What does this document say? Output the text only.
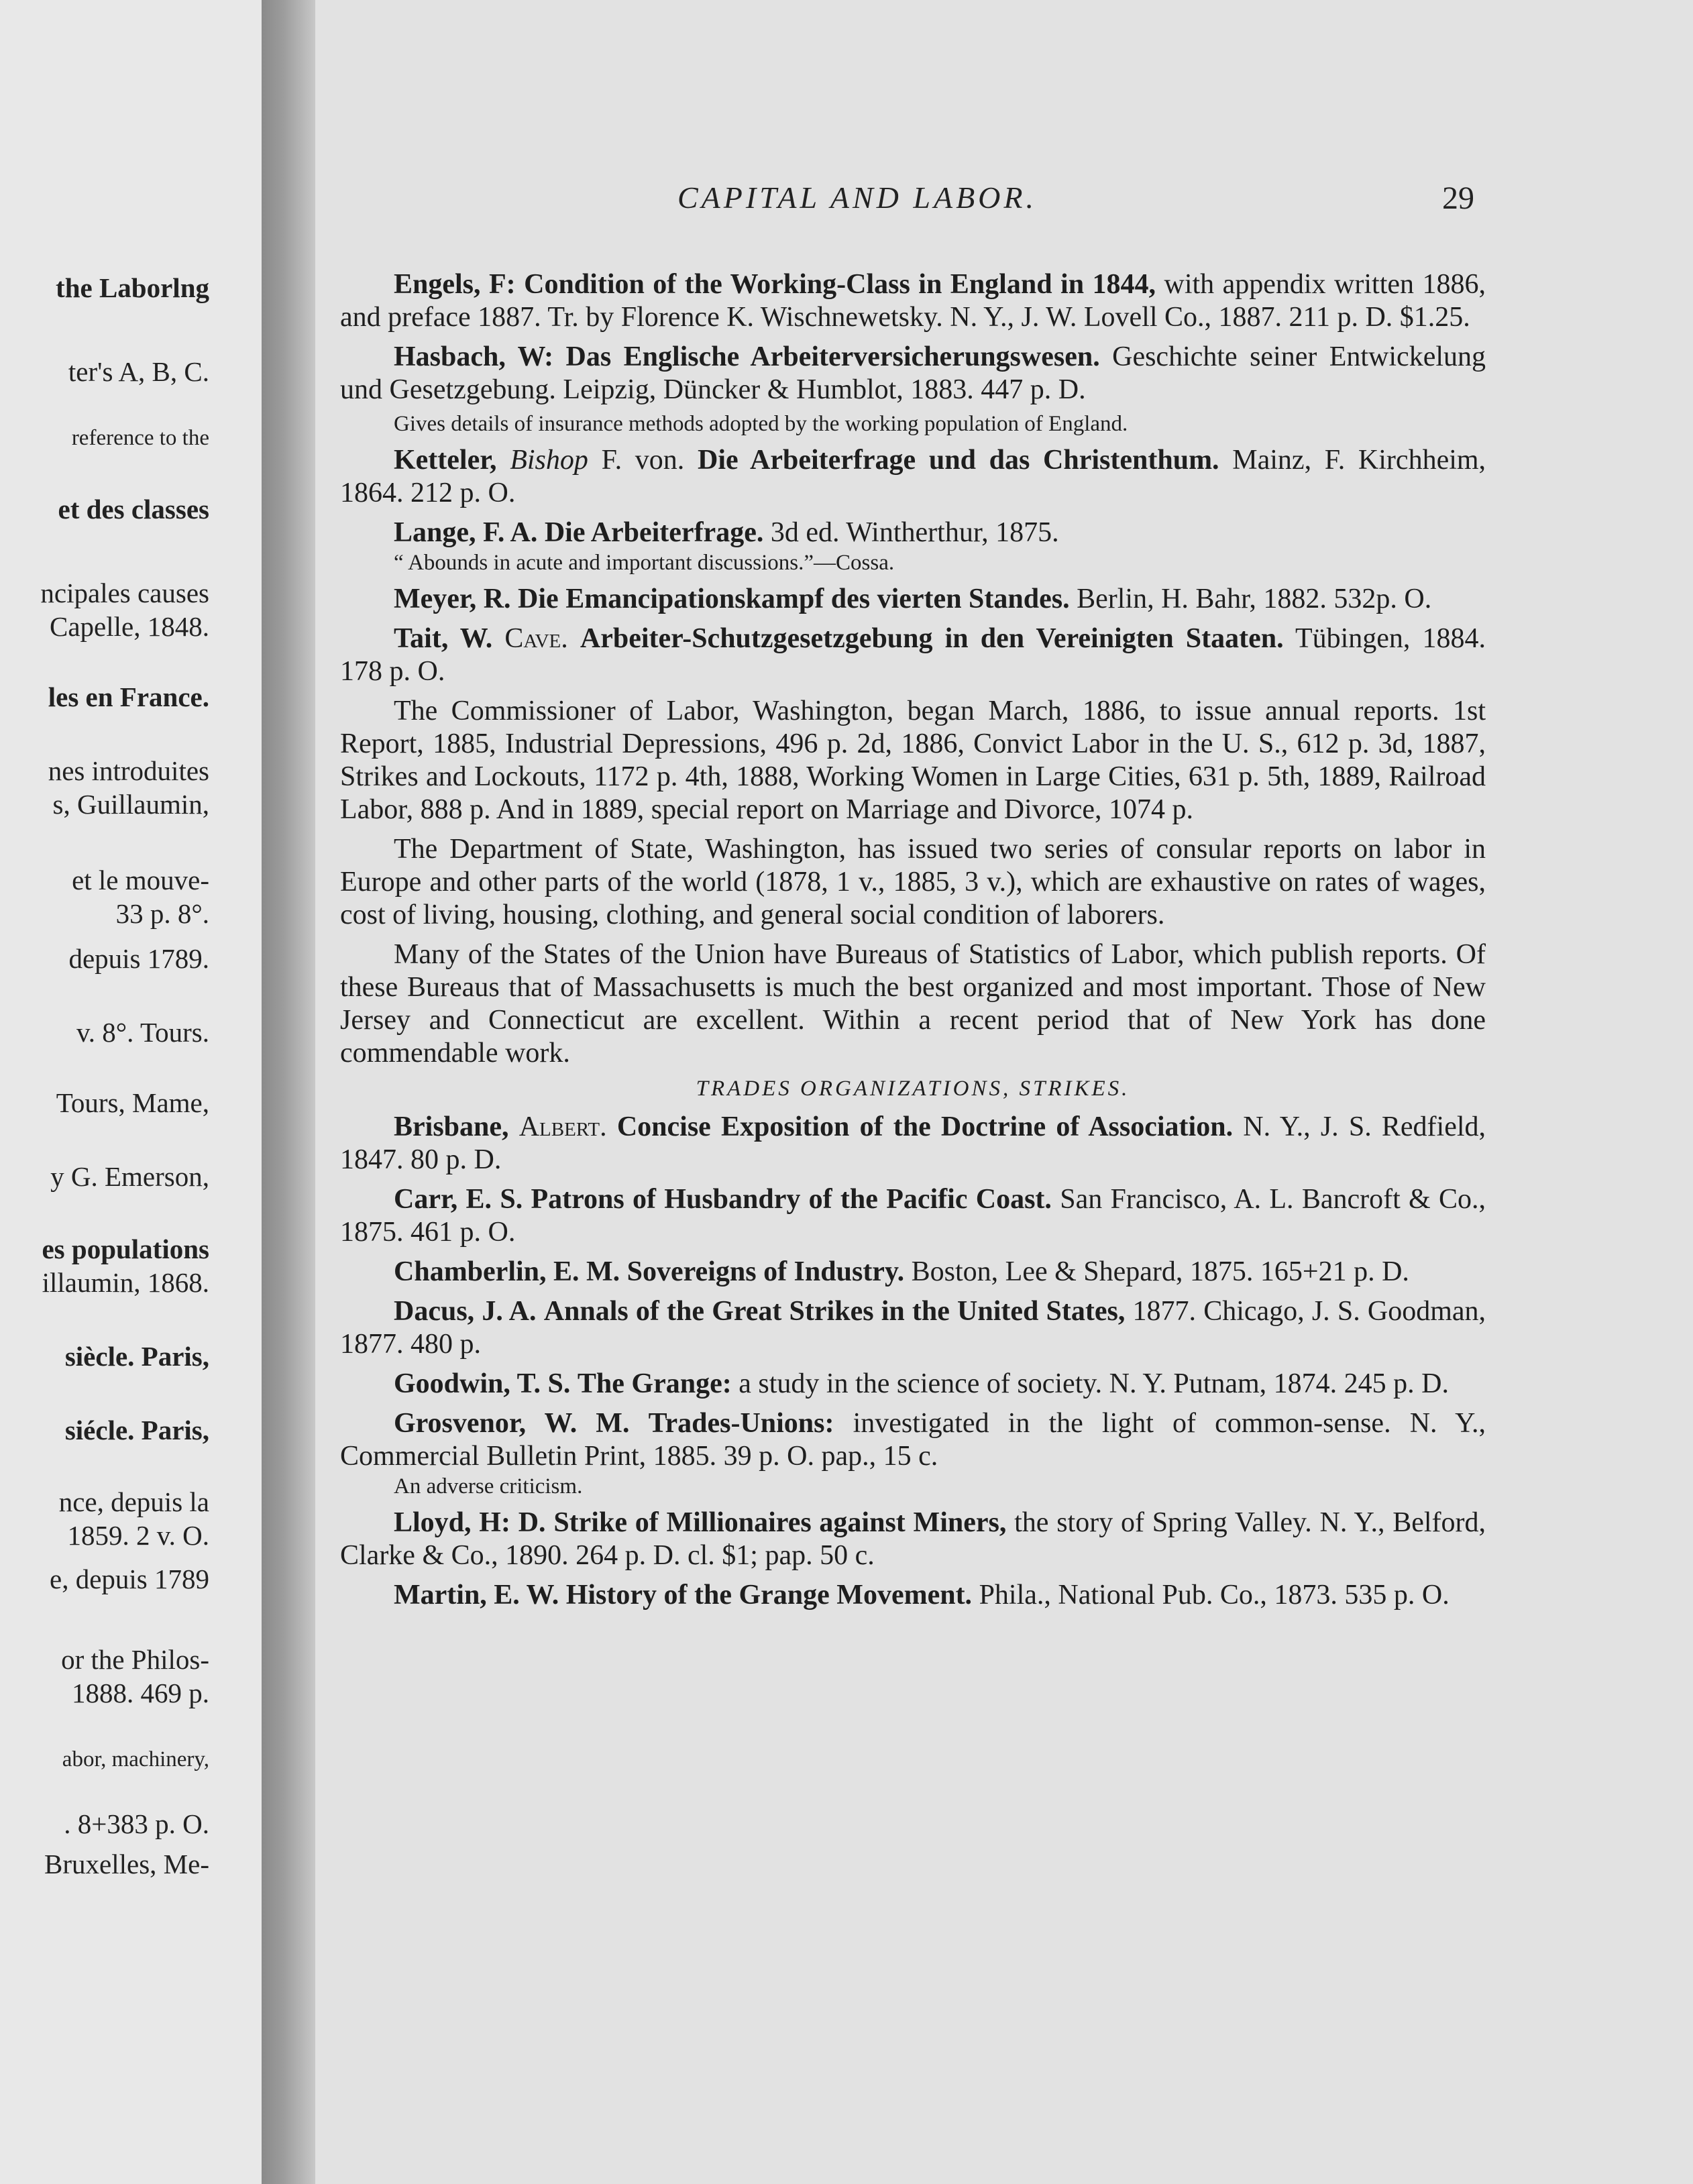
the Laborlng
ter's A, B, C.
reference to the
et des classes
ncipales causes
Capelle, 1848.
les en France.
nes introduites
s, Guillaumin,
et le mouve-
33 p. 8°.
depuis 1789.
v. 8°. Tours.
Tours, Mame,
y G. Emerson,
es populations
illaumin, 1868.
siècle. Paris,
siécle. Paris,
nce, depuis la
1859. 2 v. O.
e, depuis 1789
or the Philos-
1888. 469 p.
abor, machinery,
. 8+383 p. O.
Bruxelles, Me-
CAPITAL AND LABOR.	29

Engels, F: Condition of the Working-Class in England in 1844, with appendix written 1886, and preface 1887. Tr. by Florence K. Wischnewetsky. N. Y., J. W. Lovell Co., 1887. 211 p. D. $1.25.

Hasbach, W: Das Englische Arbeiterversicherungswesen. Geschichte seiner Entwickelung und Gesetzgebung. Leipzig, Düncker & Humblot, 1883. 447 p. D.

Gives details of insurance methods adopted by the working population of England.

Ketteler, Bishop F. von. Die Arbeiterfrage und das Christenthum. Mainz, F. Kirchheim, 1864. 212 p. O.

Lange, F. A. Die Arbeiterfrage. 3d ed. Wintherthur, 1875.

“ Abounds in acute and important discussions.”—Cossa.

Meyer, R. Die Emancipationskampf des vierten Standes. Berlin, H. Bahr, 1882. 532p. O.

Tait, W. Cave. Arbeiter-Schutzgesetzgebung in den Vereinigten Staaten. Tübingen, 1884. 178 p. O.

The Commissioner of Labor, Washington, began March, 1886, to issue annual reports. 1st Report, 1885, Industrial Depressions, 496 p. 2d, 1886, Convict Labor in the U. S., 612 p. 3d, 1887, Strikes and Lockouts, 1172 p. 4th, 1888, Working Women in Large Cities, 631 p. 5th, 1889, Railroad Labor, 888 p. And in 1889, special report on Marriage and Divorce, 1074 p.

The Department of State, Washington, has issued two series of consular reports on labor in Europe and other parts of the world (1878, 1 v., 1885, 3 v.), which are exhaustive on rates of wages, cost of living, housing, clothing, and general social condition of laborers.

Many of the States of the Union have Bureaus of Statistics of Labor, which publish reports. Of these Bureaus that of Massachusetts is much the best organized and most important. Those of New Jersey and Connecticut are excellent. Within a recent period that of New York has done commendable work.

TRADES ORGANIZATIONS, STRIKES.

Brisbane, Albert. Concise Exposition of the Doctrine of Association. N. Y., J. S. Redfield, 1847. 80 p. D.

Carr, E. S. Patrons of Husbandry of the Pacific Coast. San Francisco, A. L. Bancroft & Co., 1875. 461 p. O.

Chamberlin, E. M. Sovereigns of Industry. Boston, Lee & Shepard, 1875. 165+21 p. D.

Dacus, J. A. Annals of the Great Strikes in the United States, 1877. Chicago, J. S. Goodman, 1877. 480 p.

Goodwin, T. S. The Grange: a study in the science of society. N. Y. Putnam, 1874. 245 p. D.

Grosvenor, W. M. Trades-Unions: investigated in the light of common-sense. N. Y., Commercial Bulletin Print, 1885. 39 p. O. pap., 15 c.

An adverse criticism.

Lloyd, H: D. Strike of Millionaires against Miners, the story of Spring Valley. N. Y., Belford, Clarke & Co., 1890. 264 p. D. cl. $1; pap. 50 c.

Martin, E. W. History of the Grange Movement. Phila., National Pub. Co., 1873. 535 p. O.
